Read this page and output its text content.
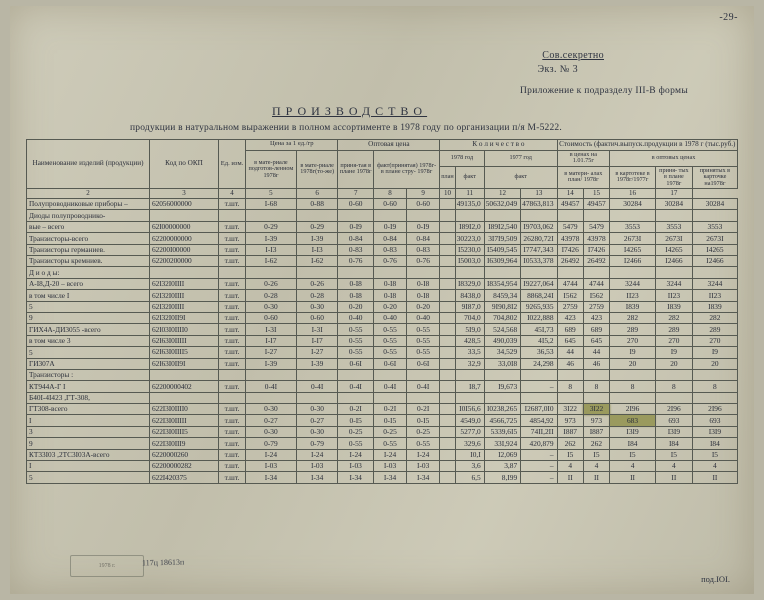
-29-
Сов.секретно
Экз. № 3
Приложение к подразделу III-В формы
ПРОИЗВОДСТВО
продукции в натуральном выражении в полном ассортименте в 1978 году по организации п/я М-5222.
Наименование изделий (продукции)	Код по ОКП	Ед. изм.	Цена за 1 ед./гр		Оптовая цена			К о л и ч е с т в о				Стоимость (фактич.выпуск.продукции в 1978 г (тыс.руб.)				
			в мате-риале подготов-ленном 1978г	в мате-риале 1978г(то-же)	приня-тая в плане 1978г	факт(принятая) 1978г- в плане стру- 1978г		1978 год		1977 год		в ценах на 1.01.75г		в оптовых ценах		
								план	факт	факт		в матери- алах план/ 1978г		в картотеке в 1978г/1977г	приня- тых в плане 1978г	принятых в карточке на1978г
2	3	4	5	6	7	8	9	10	11	12	13	14	15	16	17	
Полупроводниковые приборы –	62056000000	т.шт.	I-68	0-88	0-60	0-60	0-60		49135,0	50632,049	47863,813	49457	49457	30284	30284	30284
Диоды полупроводнико-																
вые – всего	62I00000000	т.шт.	0-29	0-29	0-I9	0-I9	0-I9		I89I2,0	I89I2,540	I9703,062	5479	5479	3553	3553	3553
Транзисторы-всего	62200000000	т.шт.	I-39	I-39	0-84	0-84	0-84		30223,0	3I7I9,509	26280,72I	43978	43978	2673I	2673I	2673I
Транзисторы германиев.	62200I00000	т.шт.	I-I3	I-I3	0-83	0-83	0-83		I5230,0	I5409,545	I7747,343	I7426	I7426	I4265	I4265	I4265
Транзисторы кремниев.	62200200000	т.шт.	I-62	I-62	0-76	0-76	0-76		I5003,0	I6309,964	I0533,378	26492	26492	I2466	I2466	I2466
Д и о д ы:																
А-I8,Д-20 – всего	62I32I0IIII	т.шт.	0-26	0-26	0-I8	0-I8	0-I8		I8329,0	I8354,954	I9227,064	4744	4744	3244	3244	3244
в том числе I	62I32I0IIII	т.шт.	0-28	0-28	0-I8	0-I8	0-I8		8438,0	8459,34	8868,24I	I562	I562	II23	II23	II23
5	62I32I0IIII	т.шт.	0-30	0-30	0-20	0-20	0-20		9I87,0	9I90,8I2	9265,935	2759	2759	I839	I839	I839
9	62I32I0II9I	т.шт.	0-60	0-60	0-40	0-40	0-40		704,0	704,802	I022,888	423	423	282	282	282
ГИХ4А-ДИ3055 -всего	62I03I0IIII0	т.шт.	I-3I	I-3I	0-55	0-55	0-55		5I9,0	524,568	45I,73	689	689	289	289	289
в том числе 3	62I63I0IIIII	т.шт.	I-I7	I-I7	0-55	0-55	0-55		428,5	490,039	4I5,2	645	645	270	270	270
5	62I63I0IIII5	т.шт.	I-27	I-27	0-55	0-55	0-55		33,5	34,529	36,53	44	44	I9	I9	I9
ГИ307А	62I63I0II9I	т.шт.	I-39	I-39	0-6I	0-6I	0-6I		32,9	33,0I8	24,298	46	46	20	20	20
Транзисторы :																
КТ944А-Г I	62200000402	т.шт.	0-4I	0-4I	0-4I	0-4I	0-4I		I8,7	I9,673	–	8	8	8	8	8
Б40I-4I423 ,ГТ-308,																
ГТ308-всего	622I3I0IIII0	т.шт.	0-30	0-30	0-2I	0-2I	0-2I		I0I56,6	I0238,265	I2687,0I0	3I22	3I22	2I96	2I96	2I96
I	622I3I0IIIII	т.шт.	0-27	0-27	0-I5	0-I5	0-I5		4549,0	4566,725	4854,92	973	973	683	693	693
3	622I3I0IIII5	т.шт.	0-30	0-30	0-25	0-25	0-25		5277,0	5339,6I5	74II,2II	I887	I887	I3I9	I3I9	I3I9
9	622I3I0III9	т.шт.	0-79	0-79	0-55	0-55	0-55		329,6	33I,924	420,879	262	262	I84	I84	I84
КТ33I03 ,2ТС3I03А-всего	6220000260	т.шт.	I-24	I-24	I-24	I-24	I-24		I0,I	I2,069	–	I5	I5	I5	I5	I5
I	62200000282	т.шт.	I-03	I-03	I-03	I-03	I-03		3,6	3,87	–	4	4	4	4	4
5	622I420375	т.шт.	I-34	I-34	I-34	I-34	I-34		6,5	8,I99	–	II	II	II	II	II
1978 г.	117ц 18613п
под.IOI.
